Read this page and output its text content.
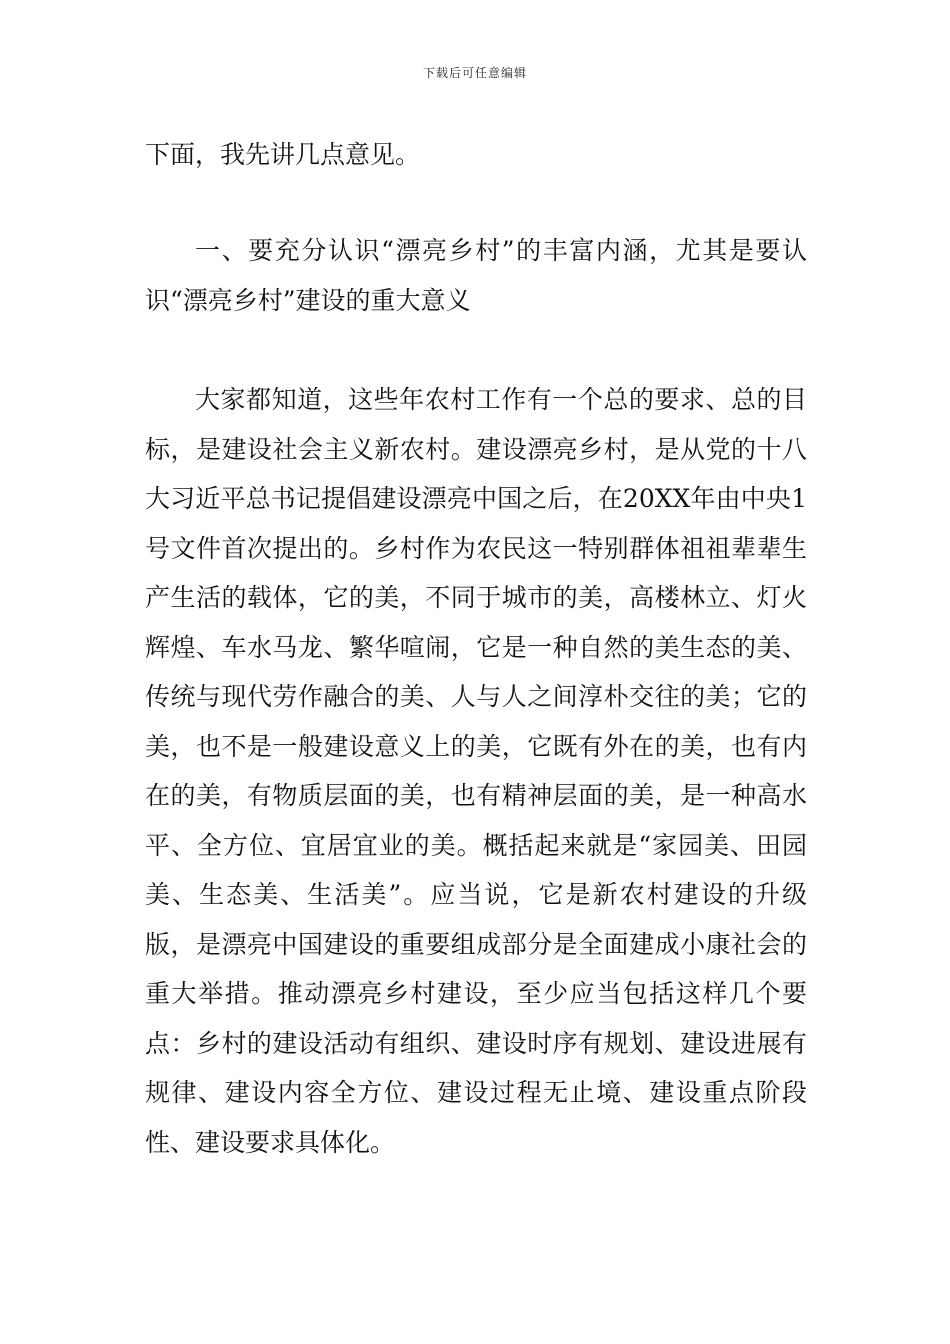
下载后可任意编辑

下面，我先讲几点意见。

一、要充分认识“漂亮乡村”的丰富内涵，尤其是要认识“漂亮乡村”建设的重大意义

大家都知道，这些年农村工作有一个总的要求、总的目标，是建设社会主义新农村。建设漂亮乡村，是从党的十八大习近平总书记提倡建设漂亮中国之后，在20XX年由中央1号文件首次提出的。乡村作为农民这一特别群体祖祖辈辈生产生活的载体，它的美，不同于城市的美，高楼林立、灯火辉煌、车水马龙、繁华喧闹，它是一种自然的美生态的美、传统与现代劳作融合的美、人与人之间淳朴交往的美；它的美，也不是一般建设意义上的美，它既有外在的美，也有内在的美，有物质层面的美，也有精神层面的美，是一种高水平、全方位、宜居宜业的美。概括起来就是“家园美、田园美、生态美、生活美”。应当说，它是新农村建设的升级版，是漂亮中国建设的重要组成部分是全面建成小康社会的重大举措。推动漂亮乡村建设，至少应当包括这样几个要点：乡村的建设活动有组织、建设时序有规划、建设进展有规律、建设内容全方位、建设过程无止境、建设重点阶段性、建设要求具体化。
